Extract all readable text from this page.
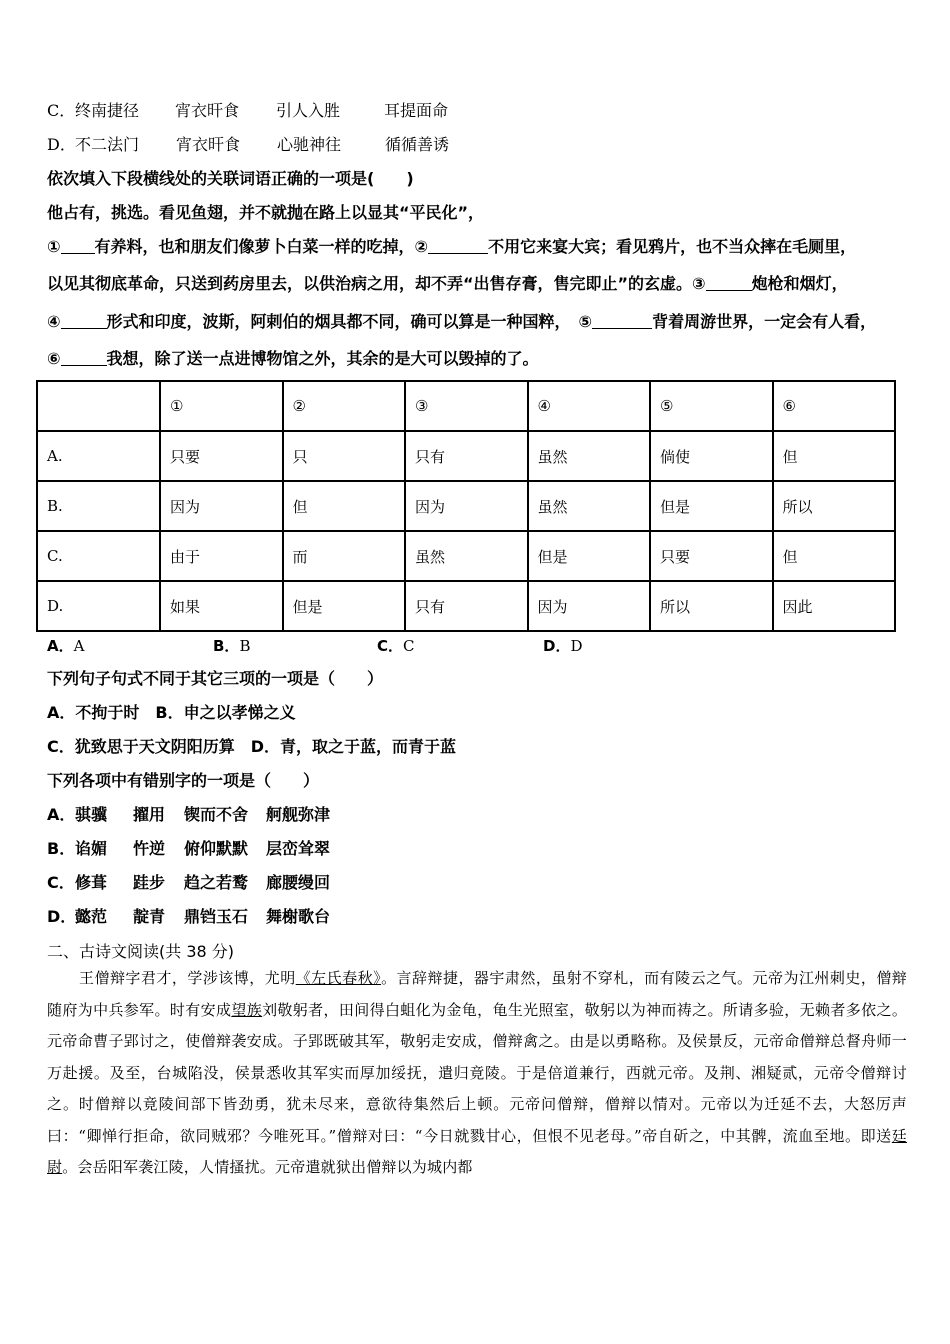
C．终南捷径 宵衣旰食 引人入胜	耳提面命
D．不二法门 宵衣旰食 心驰神往	循循善诱
依次填入下段横线处的关联词语正确的一项是(　　)
他占有，挑选。看见鱼翅，并不就抛在路上以显其“平民化”，
① 有养料，也和朋友们像萝卜白菜一样的吃掉，②	不用它来宴大宾；看见鸦片，也不当众摔在毛厕里，
以见其彻底革命，只送到药房里去，以供治病之用，却不弄“出售存膏，售完即止”的玄虚。③	炮枪和烟灯，
④	形式和印度，波斯，阿剌伯的烟具都不同，确可以算是一种国粹，　⑤	背着周游世界，一定会有人看，
⑥	我想，除了送一点进博物馆之外，其余的是大可以毁掉的了。
	①	②	③	④	⑤	⑥
A.	只要	只	只有	虽然	倘使	但
B.	因为	但	因为	虽然	但是	所以
C.	由于	而	虽然	但是	只要	但
D.	如果	但是	只有	因为	所以	因此
A．A	B．B	C．C	D．D
下列句子句式不同于其它三项的一项是（　　）
A．不拘于时　B．申之以孝悌之义
C．犹致思于天文阴阳历算　D．青，取之于蓝，而青于蓝
下列各项中有错别字的一项是（　　）
A．骐骥 擢用 锲而不舍 舸舰弥津
B．谄媚 忤逆 俯仰默默 层峦耸翠
C．修葺 跬步 趋之若鹜 廊腰缦回
D．懿范 靛青 鼎铛玉石 舞榭歌台
二、古诗文阅读(共 38 分)

王僧辩字君才，学涉该博，尤明《左氏春秋》。言辞辩捷，器宇肃然，虽射不穿札，而有陵云之气。元帝为江州刺史，僧辩随府为中兵参军。时有安成望族刘敬躬者，田间得白蛆化为金龟，龟生光照室，敬躬以为神而祷之。所请多验，无赖者多依之。元帝命曹子郢讨之，使僧辩袭安成。子郢既破其军，敬躬走安成，僧辩禽之。由是以勇略称。及侯景反，元帝命僧辩总督舟师一万赴援。及至，台城陷没，侯景悉收其军实而厚加绥抚，遣归竟陵。于是倍道兼行，西就元帝。及荆、湘疑贰，元帝令僧辩讨之。时僧辩以竟陵间部下皆劲勇，犹未尽来，意欲待集然后上顿。元帝问僧辩，僧辩以情对。元帝以为迁延不去，大怒厉声曰：“卿惮行拒命，欲同贼邪？今唯死耳。”僧辩对曰：“今日就戮甘心，但恨不见老母。”帝自斫之，中其髀，流血至地。即送廷尉。会岳阳军袭江陵，人情搔扰。元帝遣就狱出僧辩以为城内都
